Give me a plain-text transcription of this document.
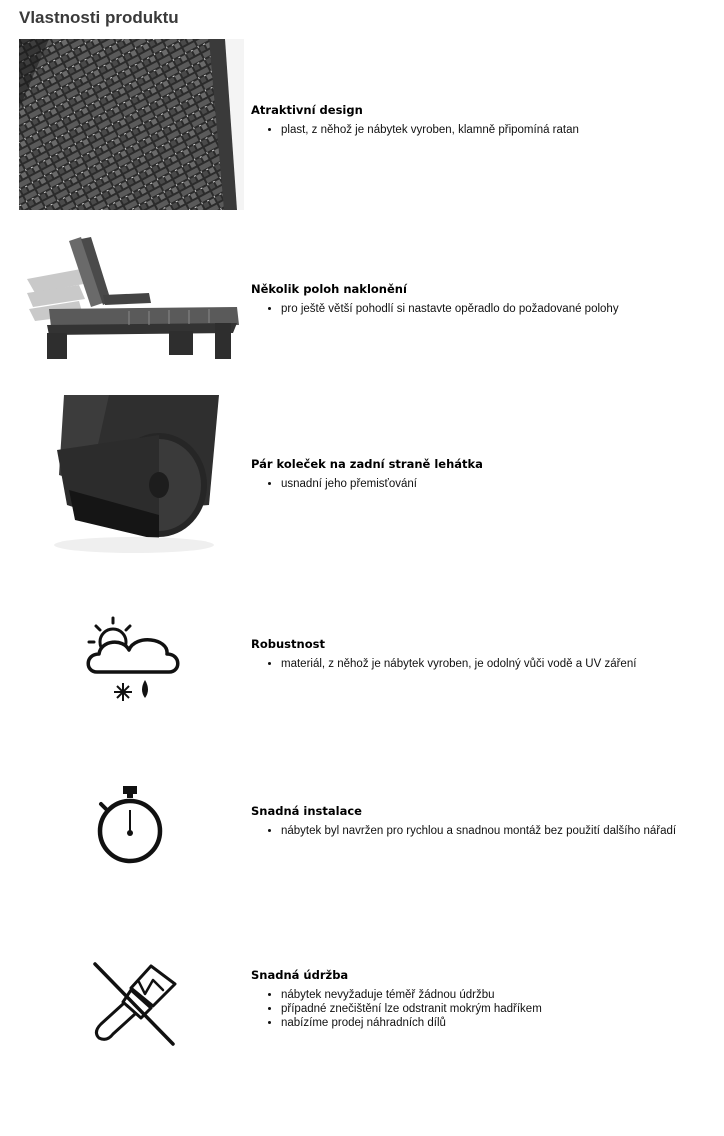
Vlastnosti produktu
Atraktivní design
• plast, z něhož je nábytek vyroben, klamně připomíná ratan
Několik poloh naklonění
• pro ještě větší pohodlí si nastavte opěradlo do požadované polohy
Pár koleček na zadní straně lehátka
• usnadní jeho přemisťování
Robustnost
• materiál, z něhož je nábytek vyroben, je odolný vůči vodě a UV záření
Snadná instalace
• nábytek byl navržen pro rychlou a snadnou montáž bez použití dalšího nářadí
Snadná údržba
• nábytek nevyžaduje téměř žádnou údržbu
• případné znečištění lze odstranit mokrým hadříkem
• nabízíme prodej náhradních dílů
